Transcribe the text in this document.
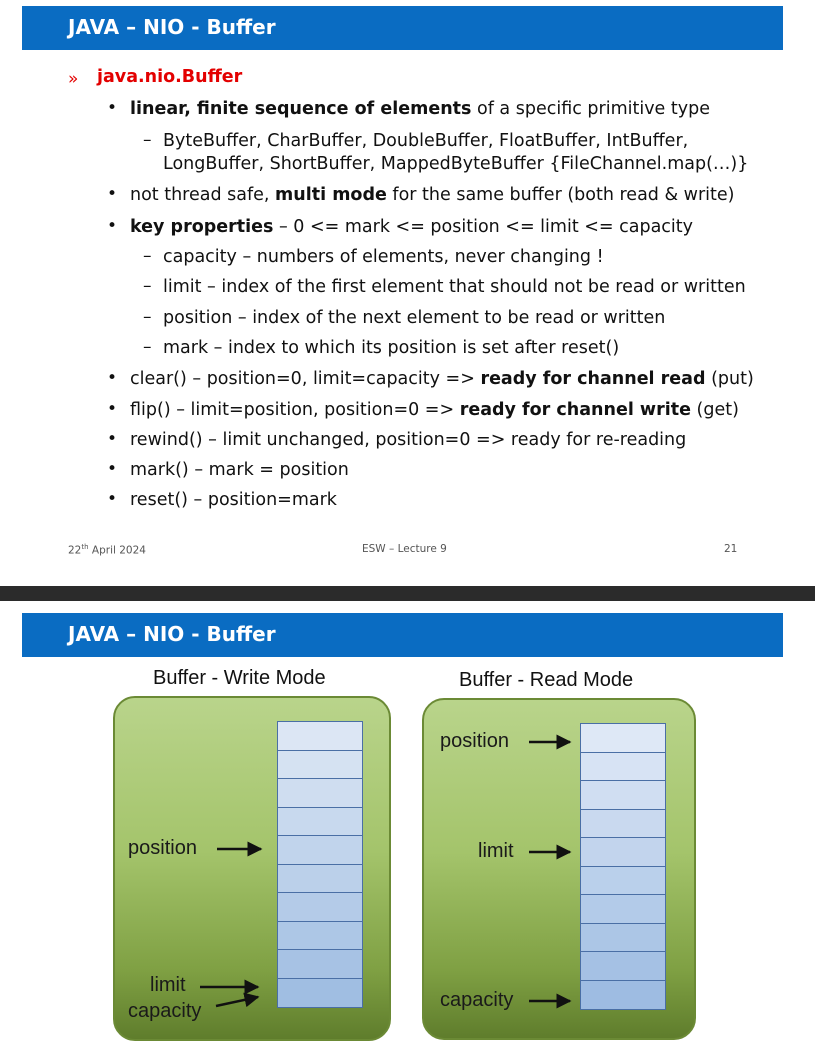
JAVA – NIO - Buffer
» java.nio.Buffer
• linear, finite sequence of elements of a specific primitive type
– ByteBuffer, CharBuffer, DoubleBuffer, FloatBuffer, IntBuffer,
LongBuffer, ShortBuffer, MappedByteBuffer {FileChannel.map(…)}
• not thread safe, multi mode for the same buffer (both read & write)
• key properties – 0 <= mark <= position <= limit <= capacity
– capacity – numbers of elements, never changing !
– limit – index of the first element that should not be read or written
– position – index of the next element to be read or written
– mark – index to which its position is set after reset()
• clear() – position=0, limit=capacity => ready for channel read (put)
• flip() – limit=position, position=0 => ready for channel write (get)
• rewind() – limit unchanged, position=0 => ready for re-reading
• mark() – mark = position
• reset() – position=mark
22th April 2024	ESW – Lecture 9	21
JAVA – NIO - Buffer
Buffer - Write Mode
position
limit
capacity
Buffer - Read Mode
position
limit
capacity
